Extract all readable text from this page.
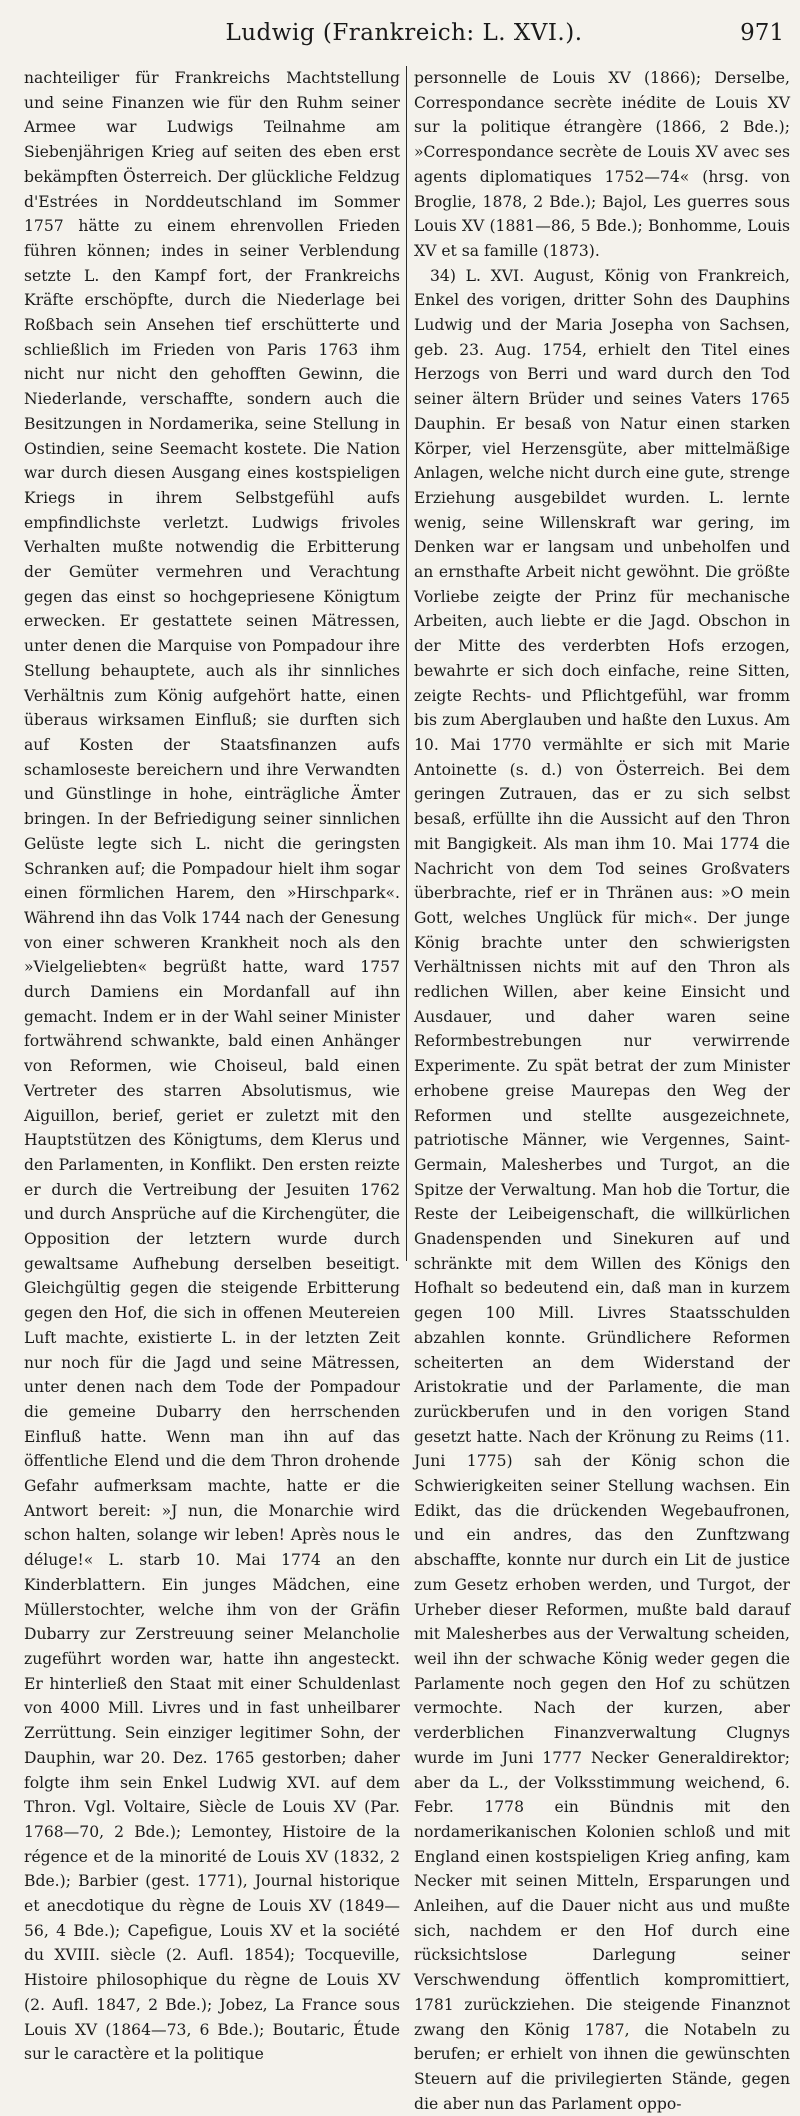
Ludwig (Frankreich: L. XVI.).	971

nachteiliger für Frankreichs Machtstellung und seine Finanzen wie für den Ruhm seiner Armee war Ludwigs Teilnahme am Siebenjährigen Krieg auf seiten des eben erst bekämpften Österreich. Der glückliche Feldzug d'Estrées in Norddeutschland im Sommer 1757 hätte zu einem ehrenvollen Frieden führen können; indes in seiner Verblendung setzte L. den Kampf fort, der Frankreichs Kräfte erschöpfte, durch die Niederlage bei Roßbach sein Ansehen tief erschütterte und schließlich im Frieden von Paris 1763 ihm nicht nur nicht den gehofften Gewinn, die Niederlande, verschaffte, sondern auch die Besitzungen in Nordamerika, seine Stellung in Ostindien, seine Seemacht kostete. Die Nation war durch diesen Ausgang eines kostspieligen Kriegs in ihrem Selbstgefühl aufs empfindlichste verletzt. Ludwigs frivoles Verhalten mußte notwendig die Erbitterung der Gemüter vermehren und Verachtung gegen das einst so hochgepriesene Königtum erwecken. Er gestattete seinen Mätressen, unter denen die Marquise von Pompadour ihre Stellung behauptete, auch als ihr sinnliches Verhältnis zum König aufgehört hatte, einen überaus wirksamen Einfluß; sie durften sich auf Kosten der Staatsfinanzen aufs schamloseste bereichern und ihre Verwandten und Günstlinge in hohe, einträgliche Ämter bringen. In der Befriedigung seiner sinnlichen Gelüste legte sich L. nicht die geringsten Schranken auf; die Pompadour hielt ihm sogar einen förmlichen Harem, den »Hirschpark«. Während ihn das Volk 1744 nach der Genesung von einer schweren Krankheit noch als den »Vielgeliebten« begrüßt hatte, ward 1757 durch Damiens ein Mordanfall auf ihn gemacht. Indem er in der Wahl seiner Minister fortwährend schwankte, bald einen Anhänger von Reformen, wie Choiseul, bald einen Vertreter des starren Absolutismus, wie Aiguillon, berief, geriet er zuletzt mit den Hauptstützen des Königtums, dem Klerus und den Parlamenten, in Konflikt. Den ersten reizte er durch die Vertreibung der Jesuiten 1762 und durch Ansprüche auf die Kirchengüter, die Opposition der letztern wurde durch gewaltsame Aufhebung derselben beseitigt. Gleichgültig gegen die steigende Erbitterung gegen den Hof, die sich in offenen Meutereien Luft machte, existierte L. in der letzten Zeit nur noch für die Jagd und seine Mätressen, unter denen nach dem Tode der Pompadour die gemeine Dubarry den herrschenden Einfluß hatte. Wenn man ihn auf das öffentliche Elend und die dem Thron drohende Gefahr aufmerksam machte, hatte er die Antwort bereit: »J nun, die Monarchie wird schon halten, solange wir leben! Après nous le déluge!« L. starb 10. Mai 1774 an den Kinderblattern. Ein junges Mädchen, eine Müllerstochter, welche ihm von der Gräfin Dubarry zur Zerstreuung seiner Melancholie zugeführt worden war, hatte ihn angesteckt. Er hinterließ den Staat mit einer Schuldenlast von 4000 Mill. Livres und in fast unheilbarer Zerrüttung. Sein einziger legitimer Sohn, der Dauphin, war 20. Dez. 1765 gestorben; daher folgte ihm sein Enkel Ludwig XVI. auf dem Thron. Vgl. Voltaire, Siècle de Louis XV (Par. 1768—70, 2 Bde.); Lemontey, Histoire de la régence et de la minorité de Louis XV (1832, 2 Bde.); Barbier (gest. 1771), Journal historique et anecdotique du règne de Louis XV (1849—56, 4 Bde.); Capefigue, Louis XV et la société du XVIII. siècle (2. Aufl. 1854); Tocqueville, Histoire philosophique du règne de Louis XV (2. Aufl. 1847, 2 Bde.); Jobez, La France sous Louis XV (1864—73, 6 Bde.); Boutaric, Étude sur le caractère et la politique

personnelle de Louis XV (1866); Derselbe, Correspondance secrète inédite de Louis XV sur la politique étrangère (1866, 2 Bde.); »Correspondance secrète de Louis XV avec ses agents diplomatiques 1752—74« (hrsg. von Broglie, 1878, 2 Bde.); Bajol, Les guerres sous Louis XV (1881—86, 5 Bde.); Bonhomme, Louis XV et sa famille (1873).

34) L. XVI. August, König von Frankreich, Enkel des vorigen, dritter Sohn des Dauphins Ludwig und der Maria Josepha von Sachsen, geb. 23. Aug. 1754, erhielt den Titel eines Herzogs von Berri und ward durch den Tod seiner ältern Brüder und seines Vaters 1765 Dauphin. Er besaß von Natur einen starken Körper, viel Herzensgüte, aber mittelmäßige Anlagen, welche nicht durch eine gute, strenge Erziehung ausgebildet wurden. L. lernte wenig, seine Willenskraft war gering, im Denken war er langsam und unbeholfen und an ernsthafte Arbeit nicht gewöhnt. Die größte Vorliebe zeigte der Prinz für mechanische Arbeiten, auch liebte er die Jagd. Obschon in der Mitte des verderbten Hofs erzogen, bewahrte er sich doch einfache, reine Sitten, zeigte Rechts- und Pflichtgefühl, war fromm bis zum Aberglauben und haßte den Luxus. Am 10. Mai 1770 vermählte er sich mit Marie Antoinette (s. d.) von Österreich. Bei dem geringen Zutrauen, das er zu sich selbst besaß, erfüllte ihn die Aussicht auf den Thron mit Bangigkeit. Als man ihm 10. Mai 1774 die Nachricht von dem Tod seines Großvaters überbrachte, rief er in Thränen aus: »O mein Gott, welches Unglück für mich«. Der junge König brachte unter den schwierigsten Verhältnissen nichts mit auf den Thron als redlichen Willen, aber keine Einsicht und Ausdauer, und daher waren seine Reformbestrebungen nur verwirrende Experimente. Zu spät betrat der zum Minister erhobene greise Maurepas den Weg der Reformen und stellte ausgezeichnete, patriotische Männer, wie Vergennes, Saint-Germain, Malesherbes und Turgot, an die Spitze der Verwaltung. Man hob die Tortur, die Reste der Leibeigenschaft, die willkürlichen Gnadenspenden und Sinekuren auf und schränkte mit dem Willen des Königs den Hofhalt so bedeutend ein, daß man in kurzem gegen 100 Mill. Livres Staatsschulden abzahlen konnte. Gründlichere Reformen scheiterten an dem Widerstand der Aristokratie und der Parlamente, die man zurückberufen und in den vorigen Stand gesetzt hatte. Nach der Krönung zu Reims (11. Juni 1775) sah der König schon die Schwierigkeiten seiner Stellung wachsen. Ein Edikt, das die drückenden Wegebaufronen, und ein andres, das den Zunftzwang abschaffte, konnte nur durch ein Lit de justice zum Gesetz erhoben werden, und Turgot, der Urheber dieser Reformen, mußte bald darauf mit Malesherbes aus der Verwaltung scheiden, weil ihn der schwache König weder gegen die Parlamente noch gegen den Hof zu schützen vermochte. Nach der kurzen, aber verderblichen Finanzverwaltung Clugnys wurde im Juni 1777 Necker Generaldirektor; aber da L., der Volksstimmung weichend, 6. Febr. 1778 ein Bündnis mit den nordamerikanischen Kolonien schloß und mit England einen kostspieligen Krieg anfing, kam Necker mit seinen Mitteln, Ersparungen und Anleihen, auf die Dauer nicht aus und mußte sich, nachdem er den Hof durch eine rücksichtslose Darlegung seiner Verschwendung öffentlich kompromittiert, 1781 zurückziehen. Die steigende Finanznot zwang den König 1787, die Notabeln zu berufen; er erhielt von ihnen die gewünschten Steuern auf die privilegierten Stände, gegen die aber nun das Parlament oppo-
